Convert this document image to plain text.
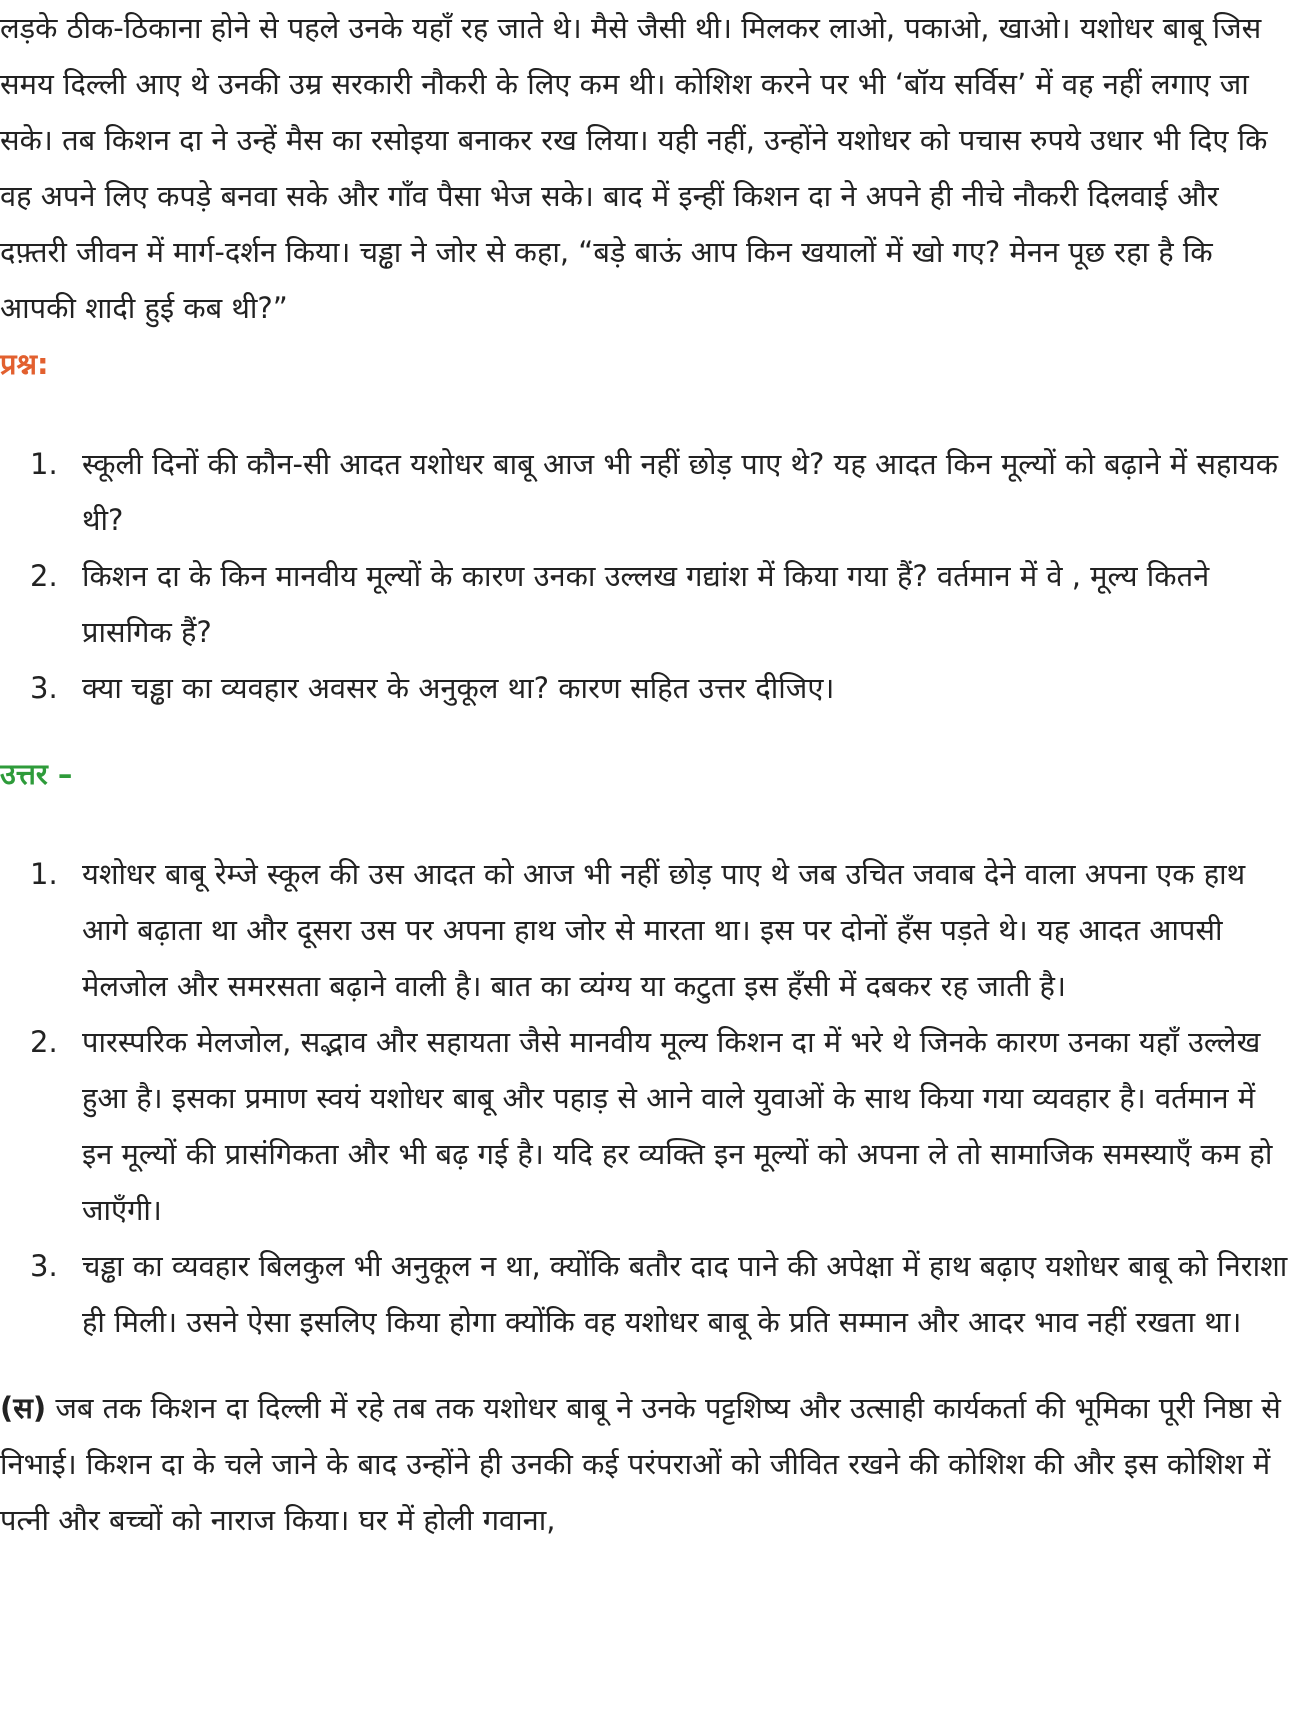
लड़के ठीक-ठिकाना होने से पहले उनके यहाँ रह जाते थे। मैसे जैसी थी। मिलकर लाओ, पकाओ, खाओ। यशोधर बाबू जिस समय दिल्ली आए थे उनकी उम्र सरकारी नौकरी के लिए कम थी। कोशिश करने पर भी ‘बॉय सर्विस’ में वह नहीं लगाए जा सके। तब किशन दा ने उन्हें मैस का रसोइया बनाकर रख लिया। यही नहीं, उन्होंने यशोधर को पचास रुपये उधार भी दिए कि वह अपने लिए कपड़े बनवा सके और गाँव पैसा भेज सके। बाद में इन्हीं किशन दा ने अपने ही नीचे नौकरी दिलवाई और दफ़्तरी जीवन में मार्ग-दर्शन किया। चड्ढा ने जोर से कहा, “बड़े बाऊं आप किन खयालों में खो गए? मेनन पूछ रहा है कि आपकी शादी हुई कब थी?”

प्रश्न:

1. स्कूली दिनों की कौन-सी आदत यशोधर बाबू आज भी नहीं छोड़ पाए थे? यह आदत किन मूल्यों को बढ़ाने में सहायक थी?
2. किशन दा के किन मानवीय मूल्यों के कारण उनका उल्लख गद्यांश में किया गया हैं? वर्तमान में वे , मूल्य कितने प्रासगिक हैं?
3. क्या चड्ढा का व्यवहार अवसर के अनुकूल था? कारण सहित उत्तर दीजिए।

उत्तर –

1. यशोधर बाबू रेम्जे स्कूल की उस आदत को आज भी नहीं छोड़ पाए थे जब उचित जवाब देने वाला अपना एक हाथ आगे बढ़ाता था और दूसरा उस पर अपना हाथ जोर से मारता था। इस पर दोनों हँस पड़ते थे। यह आदत आपसी मेलजोल और समरसता बढ़ाने वाली है। बात का व्यंग्य या कटुता इस हँसी में दबकर रह जाती है।
2. पारस्परिक मेलजोल, सद्भाव और सहायता जैसे मानवीय मूल्य किशन दा में भरे थे जिनके कारण उनका यहाँ उल्लेख हुआ है। इसका प्रमाण स्वयं यशोधर बाबू और पहाड़ से आने वाले युवाओं के साथ किया गया व्यवहार है। वर्तमान में इन मूल्यों की प्रासंगिकता और भी बढ़ गई है। यदि हर व्यक्ति इन मूल्यों को अपना ले तो सामाजिक समस्याएँ कम हो जाएँगी।
3. चड्ढा का व्यवहार बिलकुल भी अनुकूल न था, क्योंकि बतौर दाद पाने की अपेक्षा में हाथ बढ़ाए यशोधर बाबू को निराशा ही मिली। उसने ऐसा इसलिए किया होगा क्योंकि वह यशोधर बाबू के प्रति सम्मान और आदर भाव नहीं रखता था।

(स) जब तक किशन दा दिल्ली में रहे तब तक यशोधर बाबू ने उनके पट्टशिष्य और उत्साही कार्यकर्ता की भूमिका पूरी निष्ठा से निभाई। किशन दा के चले जाने के बाद उन्होंने ही उनकी कई परंपराओं को जीवित रखने की कोशिश की और इस कोशिश में पत्नी और बच्चों को नाराज किया। घर में होली गवाना,
